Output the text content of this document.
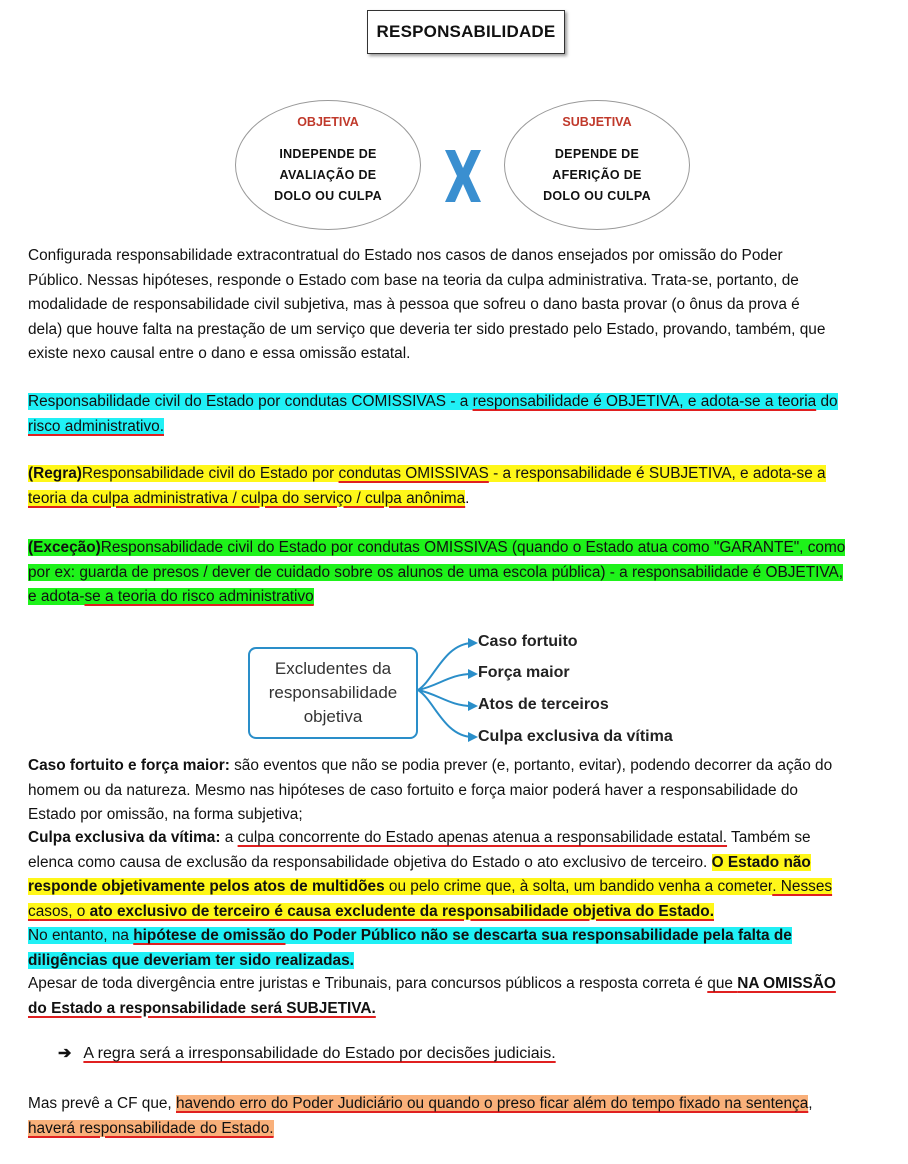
RESPONSABILIDADE
OBJETIVA
INDEPENDE DE
AVALIAÇÃO DE
DOLO OU CULPA
SUBJETIVA
DEPENDE DE
AFERIÇÃO DE
DOLO OU CULPA
Configurada responsabilidade extracontratual do Estado nos casos de danos ensejados por omissão do Poder
Público. Nessas hipóteses, responde o Estado com base na teoria da culpa administrativa. Trata-se, portanto, de
modalidade de responsabilidade civil subjetiva, mas à pessoa que sofreu o dano basta provar (o ônus da prova é
dela) que houve falta na prestação de um serviço que deveria ter sido prestado pelo Estado, provando, também, que
existe nexo causal entre o dano e essa omissão estatal.
Responsabilidade civil do Estado por condutas COMISSIVAS - a responsabilidade é OBJETIVA, e adota-se a teoria do
risco administrativo.
(Regra)Responsabilidade civil do Estado por condutas OMISSIVAS - a responsabilidade é SUBJETIVA, e adota-se a
teoria da culpa administrativa / culpa do serviço / culpa anônima.
(Exceção)Responsabilidade civil do Estado por condutas OMISSIVAS (quando o Estado atua como "GARANTE", como
por ex: guarda de presos / dever de cuidado sobre os alunos de uma escola pública) - a responsabilidade é OBJETIVA,
e adota-se a teoria do risco administrativo
Excludentes da
responsabilidade
objetiva
Caso fortuito
Força maior
Atos de terceiros
Culpa exclusiva da vítima
Caso fortuito e força maior: são eventos que não se podia prever (e, portanto, evitar), podendo decorrer da ação do
homem ou da natureza. Mesmo nas hipóteses de caso fortuito e força maior poderá haver a responsabilidade do
Estado por omissão, na forma subjetiva;
Culpa exclusiva da vítima: a culpa concorrente do Estado apenas atenua a responsabilidade estatal. Também se
elenca como causa de exclusão da responsabilidade objetiva do Estado o ato exclusivo de terceiro. O Estado não
responde objetivamente pelos atos de multidões ou pelo crime que, à solta, um bandido venha a cometer. Nesses
casos, o ato exclusivo de terceiro é causa excludente da responsabilidade objetiva do Estado.
No entanto, na hipótese de omissão do Poder Público não se descarta sua responsabilidade pela falta de
diligências que deveriam ter sido realizadas.
Apesar de toda divergência entre juristas e Tribunais, para concursos públicos a resposta correta é que NA OMISSÃO
do Estado a responsabilidade será SUBJETIVA.
➔ A regra será a irresponsabilidade do Estado por decisões judiciais.
Mas prevê a CF que, havendo erro do Poder Judiciário ou quando o preso ficar além do tempo fixado na sentença,
haverá responsabilidade do Estado.
